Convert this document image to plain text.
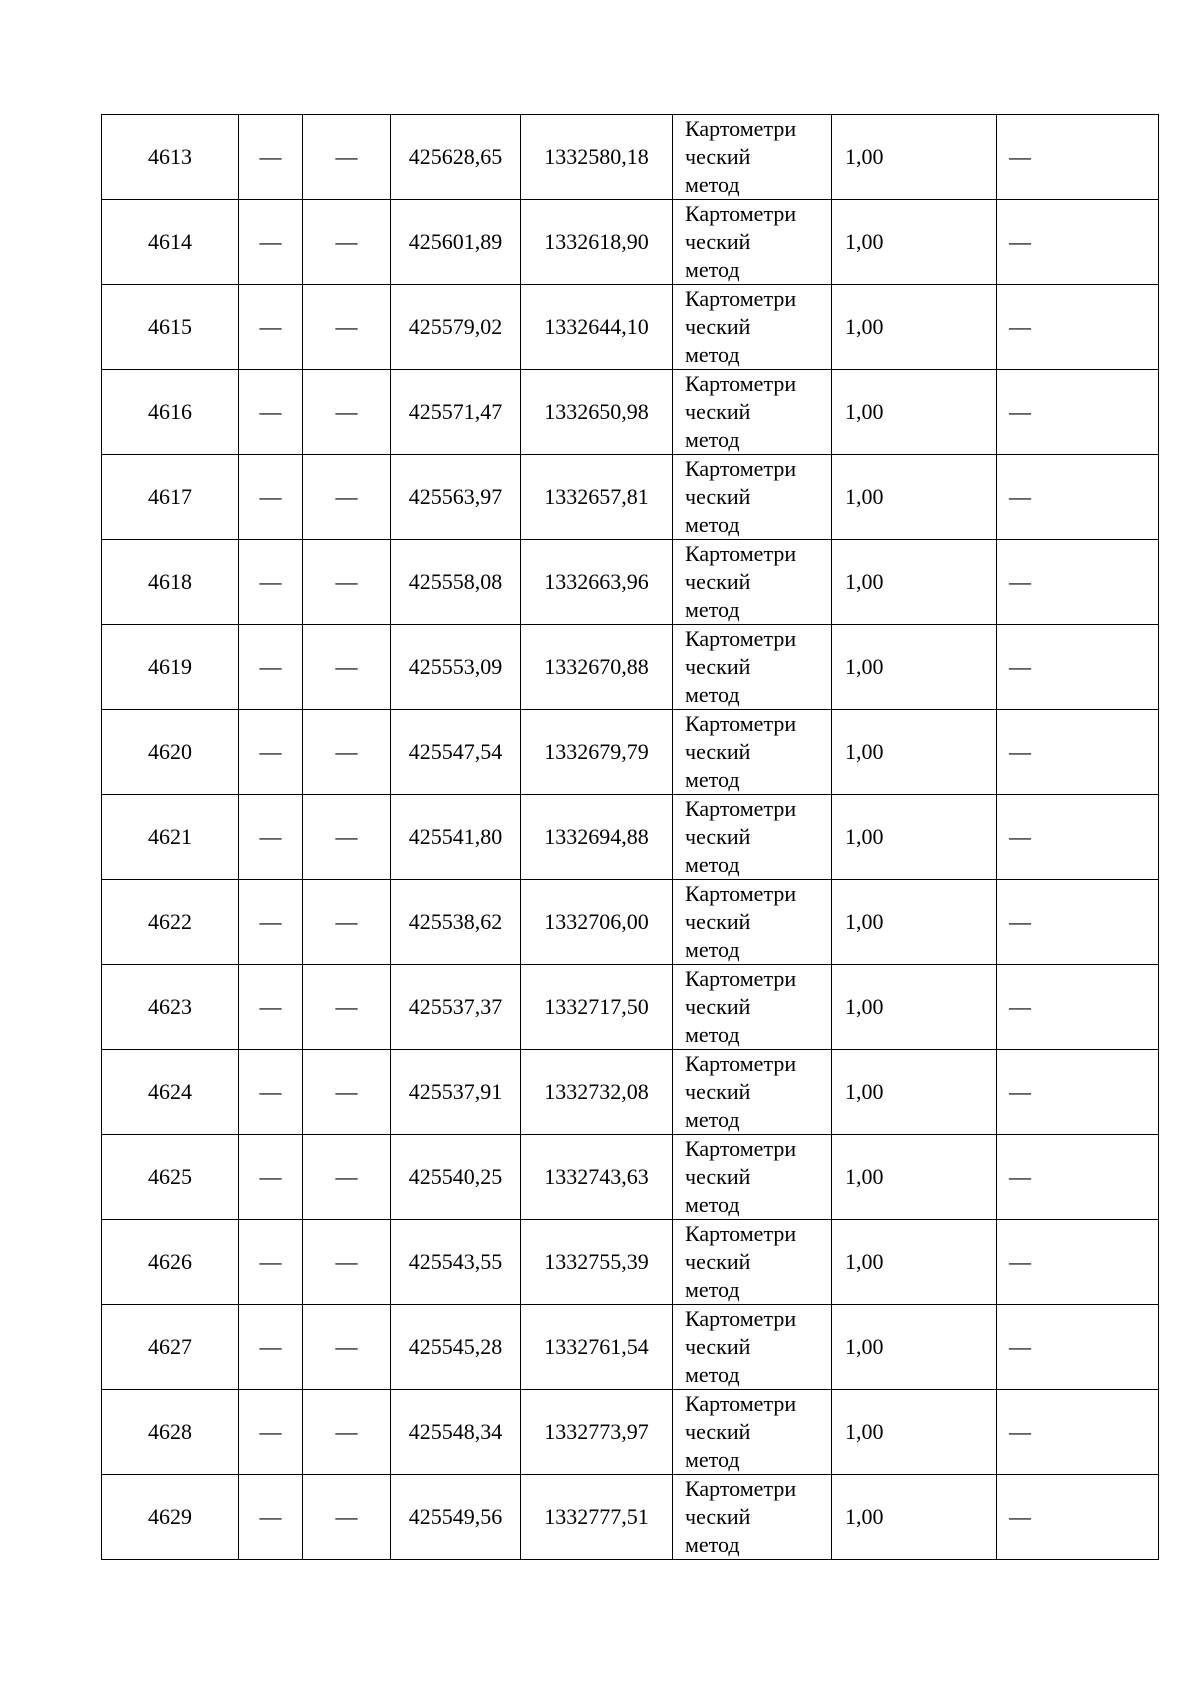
4613	—	—	425628,65	1332580,18	Картометри
ческий
метод	1,00	—
4614	—	—	425601,89	1332618,90	Картометри
ческий
метод	1,00	—
4615	—	—	425579,02	1332644,10	Картометри
ческий
метод	1,00	—
4616	—	—	425571,47	1332650,98	Картометри
ческий
метод	1,00	—
4617	—	—	425563,97	1332657,81	Картометри
ческий
метод	1,00	—
4618	—	—	425558,08	1332663,96	Картометри
ческий
метод	1,00	—
4619	—	—	425553,09	1332670,88	Картометри
ческий
метод	1,00	—
4620	—	—	425547,54	1332679,79	Картометри
ческий
метод	1,00	—
4621	—	—	425541,80	1332694,88	Картометри
ческий
метод	1,00	—
4622	—	—	425538,62	1332706,00	Картометри
ческий
метод	1,00	—
4623	—	—	425537,37	1332717,50	Картометри
ческий
метод	1,00	—
4624	—	—	425537,91	1332732,08	Картометри
ческий
метод	1,00	—
4625	—	—	425540,25	1332743,63	Картометри
ческий
метод	1,00	—
4626	—	—	425543,55	1332755,39	Картометри
ческий
метод	1,00	—
4627	—	—	425545,28	1332761,54	Картометри
ческий
метод	1,00	—
4628	—	—	425548,34	1332773,97	Картометри
ческий
метод	1,00	—
4629	—	—	425549,56	1332777,51	Картометри
ческий
метод	1,00	—
